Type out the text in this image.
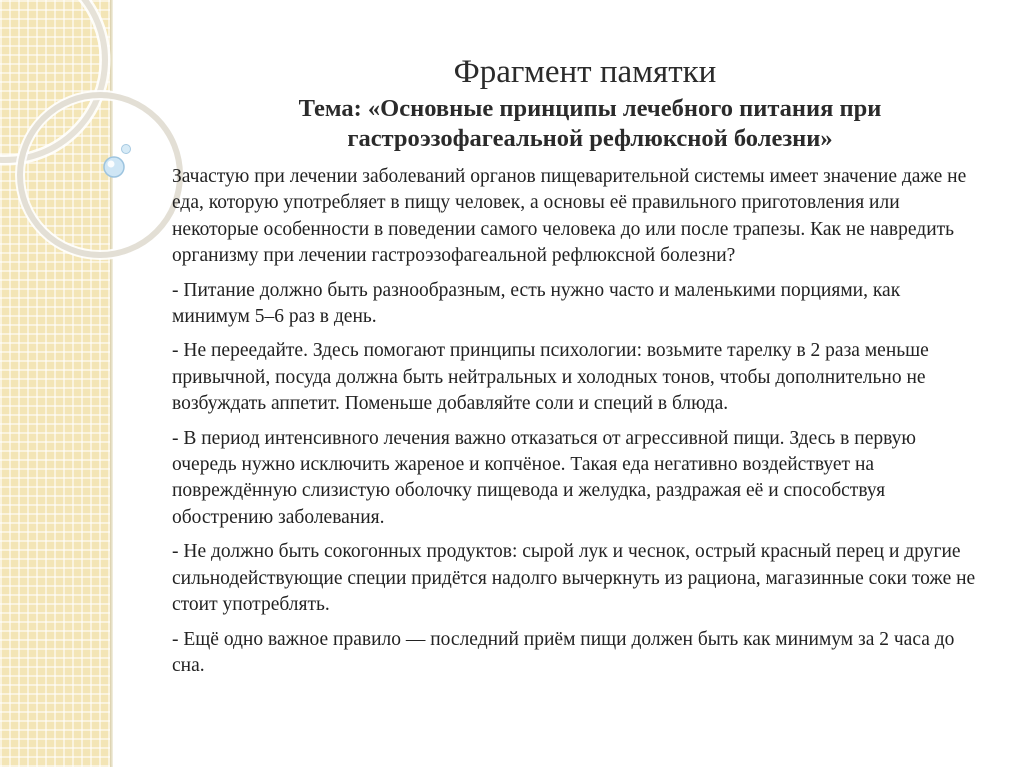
Фрагмент памятки
Тема: «Основные принципы лечебного питания при гастроэзофагеальной рефлюксной болезни»

Зачастую при лечении заболеваний органов пищеварительной системы имеет значение даже не еда, которую употребляет в пищу человек, а основы её правильного приготовления или некоторые особенности в поведении самого человека до или после трапезы. Как не навредить организму при лечении гастроэзофагеальной рефлюксной болезни?

- Питание должно быть разнообразным, есть нужно часто и маленькими порциями, как минимум 5–6 раз в день.

- Не переедайте. Здесь помогают принципы психологии: возьмите тарелку в 2 раза меньше привычной, посуда должна быть нейтральных и холодных тонов, чтобы дополнительно не возбуждать аппетит. Поменьше добавляйте соли и специй в блюда.

- В период интенсивного лечения важно отказаться от агрессивной пищи. Здесь в первую очередь нужно исключить жареное и копчёное. Такая еда негативно воздействует на повреждённую слизистую оболочку пищевода и желудка, раздражая её и способствуя обострению заболевания.

- Не должно быть сокогонных продуктов: сырой лук и чеснок, острый красный перец и другие сильнодействующие специи придётся надолго вычеркнуть из рациона, магазинные соки тоже не стоит употреблять.

- Ещё одно важное правило — последний приём пищи должен быть как минимум за 2 часа до сна.
